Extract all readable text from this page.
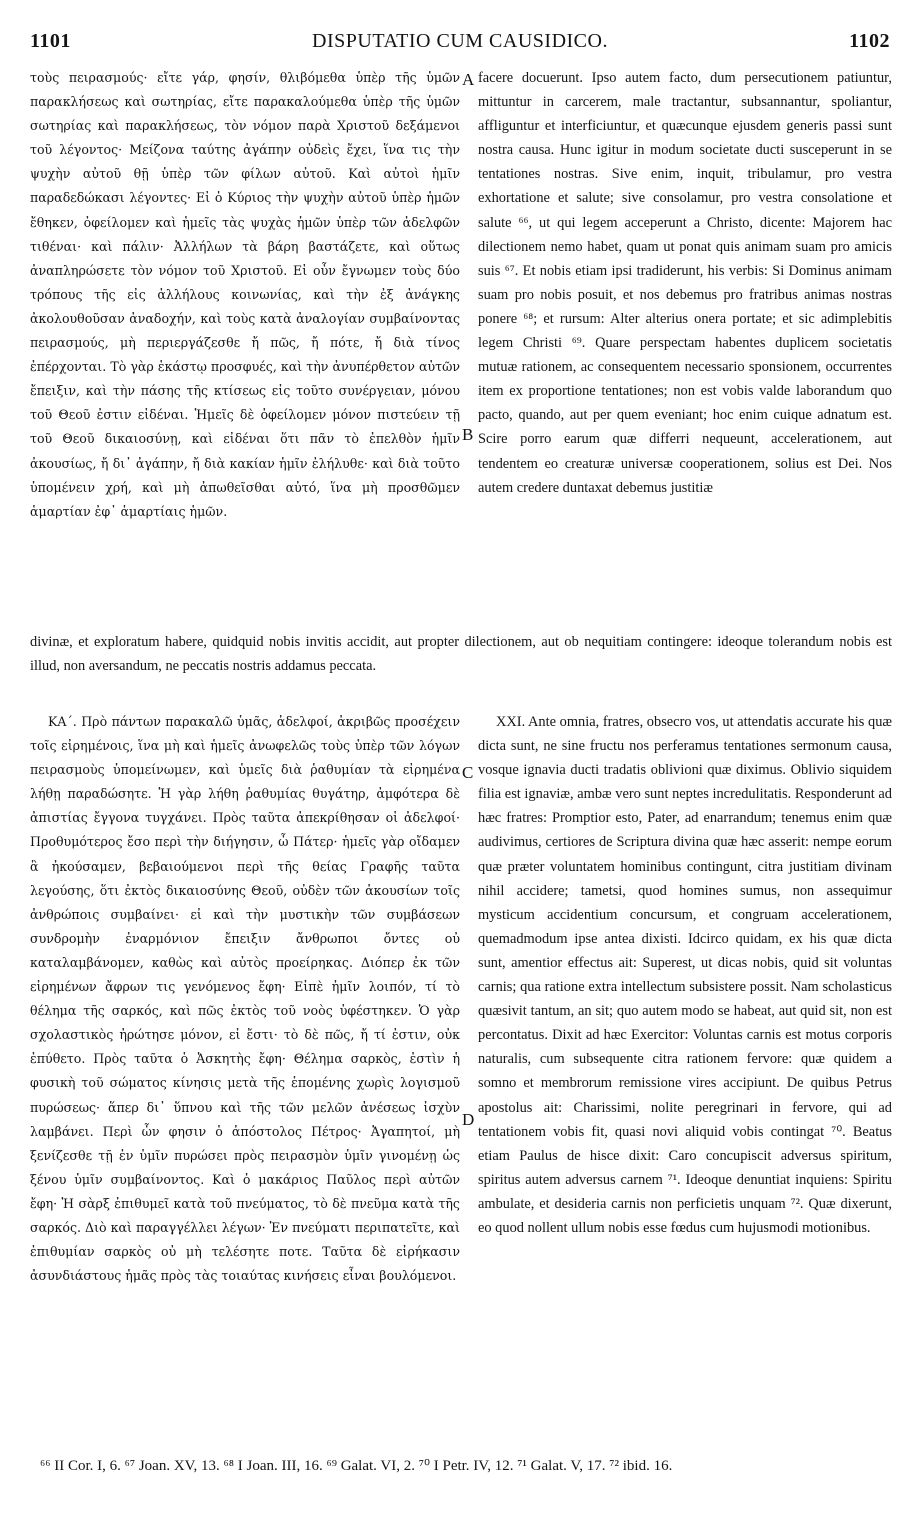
1101	DISPUTATIO CUM CAUSIDICO.	1102

τοὺς πειρασμούς· εἴτε γάρ, φησίν, θλιβόμεθα ὑπὲρ τῆς ὑμῶν παρακλήσεως καὶ σωτηρίας, εἴτε παρακαλούμεθα ὑπὲρ τῆς ὑμῶν σωτηρίας καὶ παρακλήσεως, τὸν νόμον παρὰ Χριστοῦ δεξάμενοι τοῦ λέγοντος· Μείζονα ταύτης ἀγάπην οὐδεὶς ἔχει, ἵνα τις τὴν ψυχὴν αὐτοῦ θῇ ὑπὲρ τῶν φίλων αὐτοῦ. Καὶ αὐτοὶ ἡμῖν παραδεδώκασι λέγοντες· Εἰ ὁ Κύριος τὴν ψυχὴν αὐτοῦ ὑπὲρ ἡμῶν ἔθηκεν, ὀφείλομεν καὶ ἡμεῖς τὰς ψυχὰς ἡμῶν ὑπὲρ τῶν ἀδελφῶν τιθέναι· καὶ πάλιν· Ἀλλήλων τὰ βάρη βαστάζετε, καὶ οὕτως ἀναπληρώσετε τὸν νόμον τοῦ Χριστοῦ. Εἰ οὖν ἔγνωμεν τοὺς δύο τρόπους τῆς εἰς ἀλλήλους κοινωνίας, καὶ τὴν ἐξ ἀνάγκης ἀκολουθοῦσαν ἀναδοχήν, καὶ τοὺς κατὰ ἀναλογίαν συμβαίνοντας πειρασμούς, μὴ περιεργάζεσθε ἤ πῶς, ἤ πότε, ἤ διὰ τίνος ἐπέρχονται. Τὸ γὰρ ἑκάστῳ προσφυές, καὶ τὴν ἀνυπέρθετον αὐτῶν ἔπειξιν, καὶ τὴν πάσης τῆς κτίσεως εἰς τοῦτο συνέργειαν, μόνου τοῦ Θεοῦ ἐστιν εἰδέναι. Ἡμεῖς δὲ ὀφείλομεν μόνον πιστεύειν τῇ τοῦ Θεοῦ δικαιοσύνῃ, καὶ εἰδέναι ὅτι πᾶν τὸ ἐπελθὸν ἡμῖν ἀκουσίως, ἤ δι᾽ ἀγάπην, ἤ διὰ κακίαν ἡμῖν ἐλήλυθε· καὶ διὰ τοῦτο ὑπομένειν χρή, καὶ μὴ ἀπωθεῖσθαι αὐτό, ἵνα μὴ προσθῶμεν ἁμαρτίαν ἐφ᾽ ἁμαρτίαις ἡμῶν.

A facere docuerunt. Ipso autem facto, dum persecutionem patiuntur, mittuntur in carcerem, male tractantur, subsannantur, spoliantur, affliguntur et interficiuntur, et quæcunque ejusdem generis passi sunt nostra causa. Hunc igitur in modum societate ducti susceperunt in se tentationes nostras. Sive enim, inquit, tribulamur, pro vestra exhortatione et salute; sive consolamur, pro vestra consolatione et salute ⁶⁶, ut qui legem acceperunt a Christo, dicente: Majorem hac dilectionem nemo habet, quam ut ponat quis animam suam pro amicis suis ⁶⁷. Et nobis etiam ipsi tradiderunt, his verbis: Si Dominus animam suam pro nobis posuit, et nos debemus pro fratribus animas nostras ponere ⁶⁸; et rursum: Alter alterius onera portate; et sic adimplebitis legem Christi ⁶⁹. Quare perspectam habentes duplicem societatis mutuæ rationem, ac consequentem necessario sponsionem, occurrentes item ex proportione tentationes; non est vobis valde laborandum quo pacto, quando, aut per quem eveniant; hoc enim cuique adnatum est. Scire porro earum quæ differri nequeunt, accelerationem, aut tendentem eo creaturæ universæ cooperationem, solius est Dei. Nos autem credere duntaxat debemus justitiæ

B

divinæ, et exploratum habere, quidquid nobis invitis accidit, aut propter dilectionem, aut ob nequitiam contingere: ideoque tolerandum nobis est illud, non aversandum, ne peccatis nostris addamus peccata.

ΚΑ΄. Πρὸ πάντων παρακαλῶ ὑμᾶς, ἀδελφοί, ἀκριβῶς προσέχειν τοῖς εἰρημένοις, ἵνα μὴ καὶ ἡμεῖς ἀνωφελῶς τοὺς ὑπὲρ τῶν λόγων πειρασμοὺς ὑπομείνωμεν, καὶ ὑμεῖς διὰ ῥαθυμίαν τὰ εἰρημένα λήθῃ παραδώσητε. Ἡ γὰρ λήθη ῥαθυμίας θυγάτηρ, ἀμφότερα δὲ ἀπιστίας ἔγγονα τυγχάνει. Πρὸς ταῦτα ἀπεκρίθησαν οἱ ἀδελφοί· Προθυμότερος ἔσο περὶ τὴν διήγησιν, ὦ Πάτερ· ἡμεῖς γὰρ οἴδαμεν ἃ ἠκούσαμεν, βεβαιούμενοι περὶ τῆς θείας Γραφῆς ταῦτα λεγούσης, ὅτι ἐκτὸς δικαιοσύνης Θεοῦ, οὐδὲν τῶν ἀκουσίων τοῖς ἀνθρώποις συμβαίνει· εἰ καὶ τὴν μυστικὴν τῶν συμβάσεων συνδρομὴν ἐναρμόνιον ἔπειξιν ἄνθρωποι ὄντες οὐ καταλαμβάνομεν, καθὼς καὶ αὐτὸς προείρηκας. Διόπερ ἐκ τῶν εἰρημένων ἄφρων τις γενόμενος ἔφη· Εἰπὲ ἡμῖν λοιπόν, τί τὸ θέλημα τῆς σαρκός, καὶ πῶς ἐκτὸς τοῦ νοὸς ὑφέστηκεν. Ὁ γὰρ σχολαστικὸς ἠρώτησε μόνον, εἰ ἔστι· τὸ δὲ πῶς, ἤ τί ἐστιν, οὐκ ἐπύθετο. Πρὸς ταῦτα ὁ Ἀσκητὴς ἔφη· Θέλημα σαρκὸς, ἐστὶν ἡ φυσικὴ τοῦ σώματος κίνησις μετὰ τῆς ἑπομένης χωρὶς λογισμοῦ πυρώσεως· ἅπερ δι᾽ ὕπνου καὶ τῆς τῶν μελῶν ἀνέσεως ἰσχὺν λαμβάνει. Περὶ ὧν φησιν ὁ ἀπόστολος Πέτρος· Ἀγαπητοί, μὴ ξενίζεσθε τῇ ἐν ὑμῖν πυρώσει πρὸς πειρασμὸν ὑμῖν γινομένῃ ὡς ξένου ὑμῖν συμβαίνοντος. Καὶ ὁ μακάριος Παῦλος περὶ αὐτῶν ἔφη· Ἡ σὰρξ ἐπιθυμεῖ κατὰ τοῦ πνεύματος, τὸ δὲ πνεῦμα κατὰ τῆς σαρκός. Διὸ καὶ παραγγέλλει λέγων· Ἐν πνεύματι περιπατεῖτε, καὶ ἐπιθυμίαν σαρκὸς οὐ μὴ τελέσητε ποτε. Ταῦτα δὲ εἰρήκασιν ἀσυνδιάστους ἡμᾶς πρὸς τὰς τοιαύτας κινήσεις εἶναι βουλόμενοι.

C

XXI. Ante omnia, fratres, obsecro vos, ut attendatis accurate his quæ dicta sunt, ne sine fructu nos perferamus tentationes sermonum causa, vosque ignavia ducti tradatis oblivioni quæ diximus. Oblivio siquidem filia est ignaviæ, ambæ vero sunt neptes incredulitatis. Responderunt ad hæc fratres: Promptior esto, Pater, ad enarrandum; tenemus enim quæ audivimus, certiores de Scriptura divina quæ hæc asserit: nempe eorum quæ præter voluntatem hominibus contingunt, citra justitiam divinam nihil accidere; tametsi, quod homines sumus, non assequimur mysticum accidentium concursum, et congruam accelerationem, quemadmodum ipse antea dixisti. Idcirco quidam, ex his quæ dicta sunt, amentior effectus ait: Superest, ut dicas nobis, quid sit voluntas carnis; qua ratione extra intellectum subsistere possit. Nam scholasticus quæsivit tantum, an sit; quo autem modo se habeat, aut quid sit, non est percontatus. Dixit ad hæc Exercitor: Voluntas carnis est motus corporis naturalis, cum subsequente citra rationem fervore: quæ quidem a somno et membrorum remissione vires accipiunt. De quibus Petrus apostolus ait: Charissimi, nolite peregrinari in fervore, qui ad tentationem vobis fit, quasi novi aliquid vobis contingat ⁷⁰. Beatus etiam Paulus de hisce dixit: Caro concupiscit adversus spiritum, spiritus autem adversus carnem ⁷¹. Ideoque denuntiat inquiens: Spiritu ambulate, et desideria carnis non perficietis unquam ⁷². Quæ dixerunt, eo quod nollent ullum nobis esse fœdus cum hujusmodi motionibus.

D
⁶⁶ II Cor. I, 6. ⁶⁷ Joan. XV, 13. ⁶⁸ I Joan. III, 16. ⁶⁹ Galat. VI, 2. ⁷⁰ I Petr. IV, 12. ⁷¹ Galat. V, 17. ⁷² ibid. 16.
